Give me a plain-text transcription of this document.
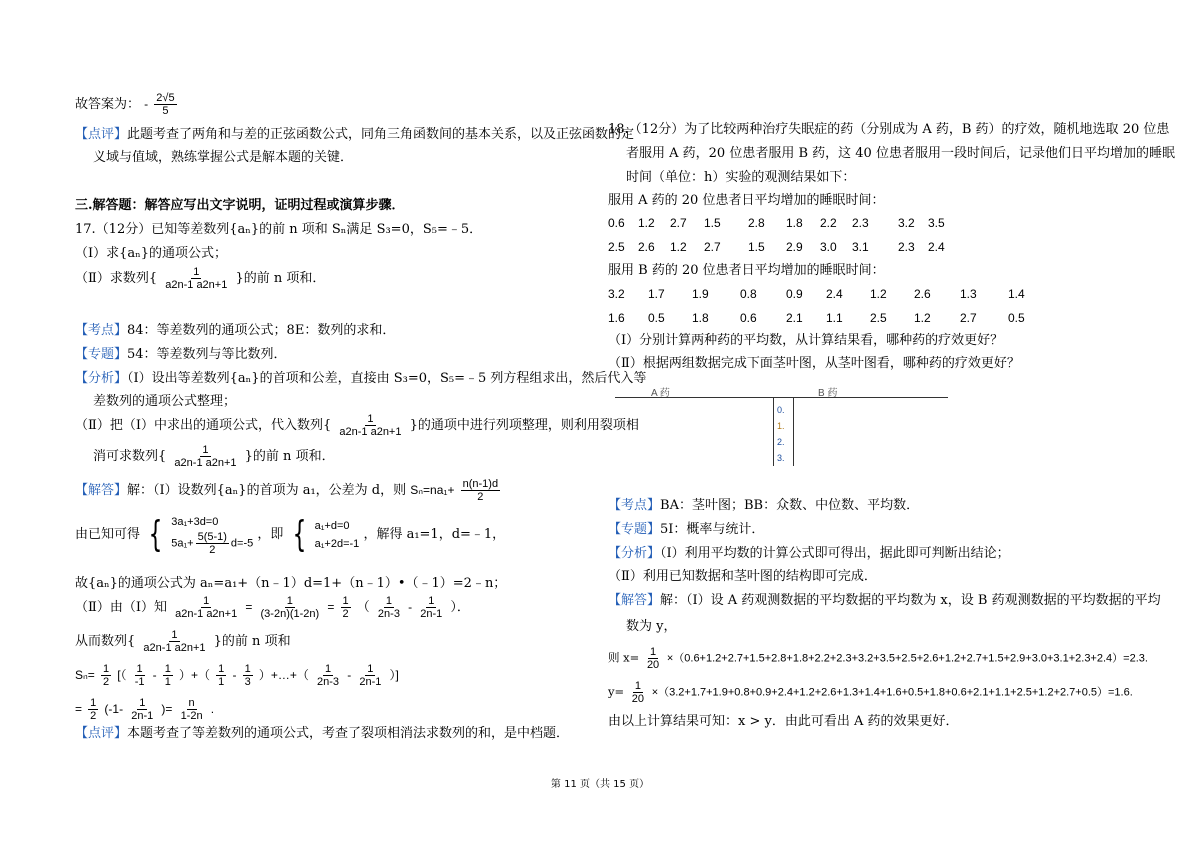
故答案为： - $\frac{2√5}{5}$
【点评】此题考查了两角和与差的正弦函数公式，同角三角函数间的基本关系，以及正弦函数的定
义域与值域，熟练掌握公式是解本题的关键．
三.解答题：解答应写出文字说明，证明过程或演算步骤．
17.（12分）已知等差数列{aₙ}的前 n 项和 Sₙ满足 S₃=0，S₅=﹣5．
（Ⅰ）求{aₙ}的通项公式；
（Ⅱ）求数列{ $\frac{1}{a2n-1 a2n+1}$ }的前 n 项和．
【考点】84：等差数列的通项公式；8E：数列的求和．
【专题】54：等差数列与等比数列．
【分析】（Ⅰ）设出等差数列{aₙ}的首项和公差，直接由 S₃=0，S₅=﹣5 列方程组求出，然后代入等
差数列的通项公式整理；
（Ⅱ）把（Ⅰ）中求出的通项公式，代入数列{ $\frac{1}{a2n-1 a2n+1}$ }的通项中进行列项整理，则利用裂项相
消可求数列{ $\frac{1}{a2n-1 a2n+1}$ }的前 n 项和．
【解答】解：（Ⅰ）设数列{aₙ}的首项为 a₁，公差为 d，则 $S_n=na_1+ \frac{n(n-1)d}{2}$
由已知可得 { 3a₁+3d=0
$5a_1+ \frac{5(5-1)}{2} d=-5$
，即 { a₁+d=0
a₁+2d=-1
，解得 a₁=1，d=﹣1，
故{aₙ}的通项公式为 aₙ=a₁+（n﹣1）d=1+（n﹣1）•（﹣1）=2﹣n；
（Ⅱ）由（Ⅰ）知 $\frac{1}{a2n-1 a2n+1} = \frac{1}{(3-2n)(1-2n)} = \frac{1}{2}$ （ $\frac{1}{2n-3} - \frac{1}{2n-1}$ ）．
从而数列{ $\frac{1}{a2n-1 a2n+1}$ }的前 n 项和
$S_n= \frac{1}{2}$ [（ $\frac{1}{-1} - \frac{1}{1}$ ）+（ $\frac{1}{1} - \frac{1}{3}$ ）+…+（ $\frac{1}{2n-3} - \frac{1}{2n-1}$ ）]
= $\frac{1}{2} (-1- \frac{1}{2n-1}$ )= $\frac{n}{1-2n}$ .
【点评】本题考查了等差数列的通项公式，考查了裂项相消法求数列的和，是中档题．
18.（12分）为了比较两种治疗失眠症的药（分别成为 A 药，B 药）的疗效，随机地选取 20 位患
者服用 A 药，20 位患者服用 B 药，这 40 位患者服用一段时间后，记录他们日平均增加的睡眠
时间（单位：h）实验的观测结果如下：
服用 A 药的 20 位患者日平均增加的睡眠时间：
0.6 1.2 2.7 1.5 2.8 1.8 2.2 2.3 3.2 3.5
2.5 2.6 1.2 2.7 1.5 2.9 3.0 3.1 2.3 2.4
服用 B 药的 20 位患者日平均增加的睡眠时间：
3.2 1.7 1.9	0.8 0.9 2.4 1.2 2.6 1.3	1.4
1.6 0.5 1.8	0.6 2.1 1.1 2.5 1.2 2.7	0.5
（Ⅰ）分别计算两种药的平均数，从计算结果看，哪种药的疗效更好？
（Ⅱ）根据两组数据完成下面茎叶图，从茎叶图看，哪种药的疗效更好？
A 药	B 药
0.
1.
2.
3.
【考点】BA：茎叶图；BB：众数、中位数、平均数．
【专题】5I：概率与统计．
【分析】（Ⅰ）利用平均数的计算公式即可得出，据此即可判断出结论；
（Ⅱ）利用已知数据和茎叶图的结构即可完成．
【解答】解：（Ⅰ）设 A 药观测数据的平均数据的平均数为 x，设 B 药观测数据的平均数据的平均
数为 y，
则 $x= \frac{1}{20} \times(0.6+1.2+2.7+1.5+2.8+1.8+2.2+2.3+3.2+3.5+2.5+2.6+1.2+2.7+1.5+2.9+3.0+3.1+2.3+2.4)=2.3$.
$y= \frac{1}{20} \times(3.2+1.7+1.9+0.8+0.9+2.4+1.2+2.6+1.3+1.4+1.6+0.5+1.8+0.6+2.1+1.1+2.5+1.2+2.7+0.5)=1.6$.
由以上计算结果可知：x > y．由此可看出 A 药的效果更好．
第 11 页（共 15 页）
